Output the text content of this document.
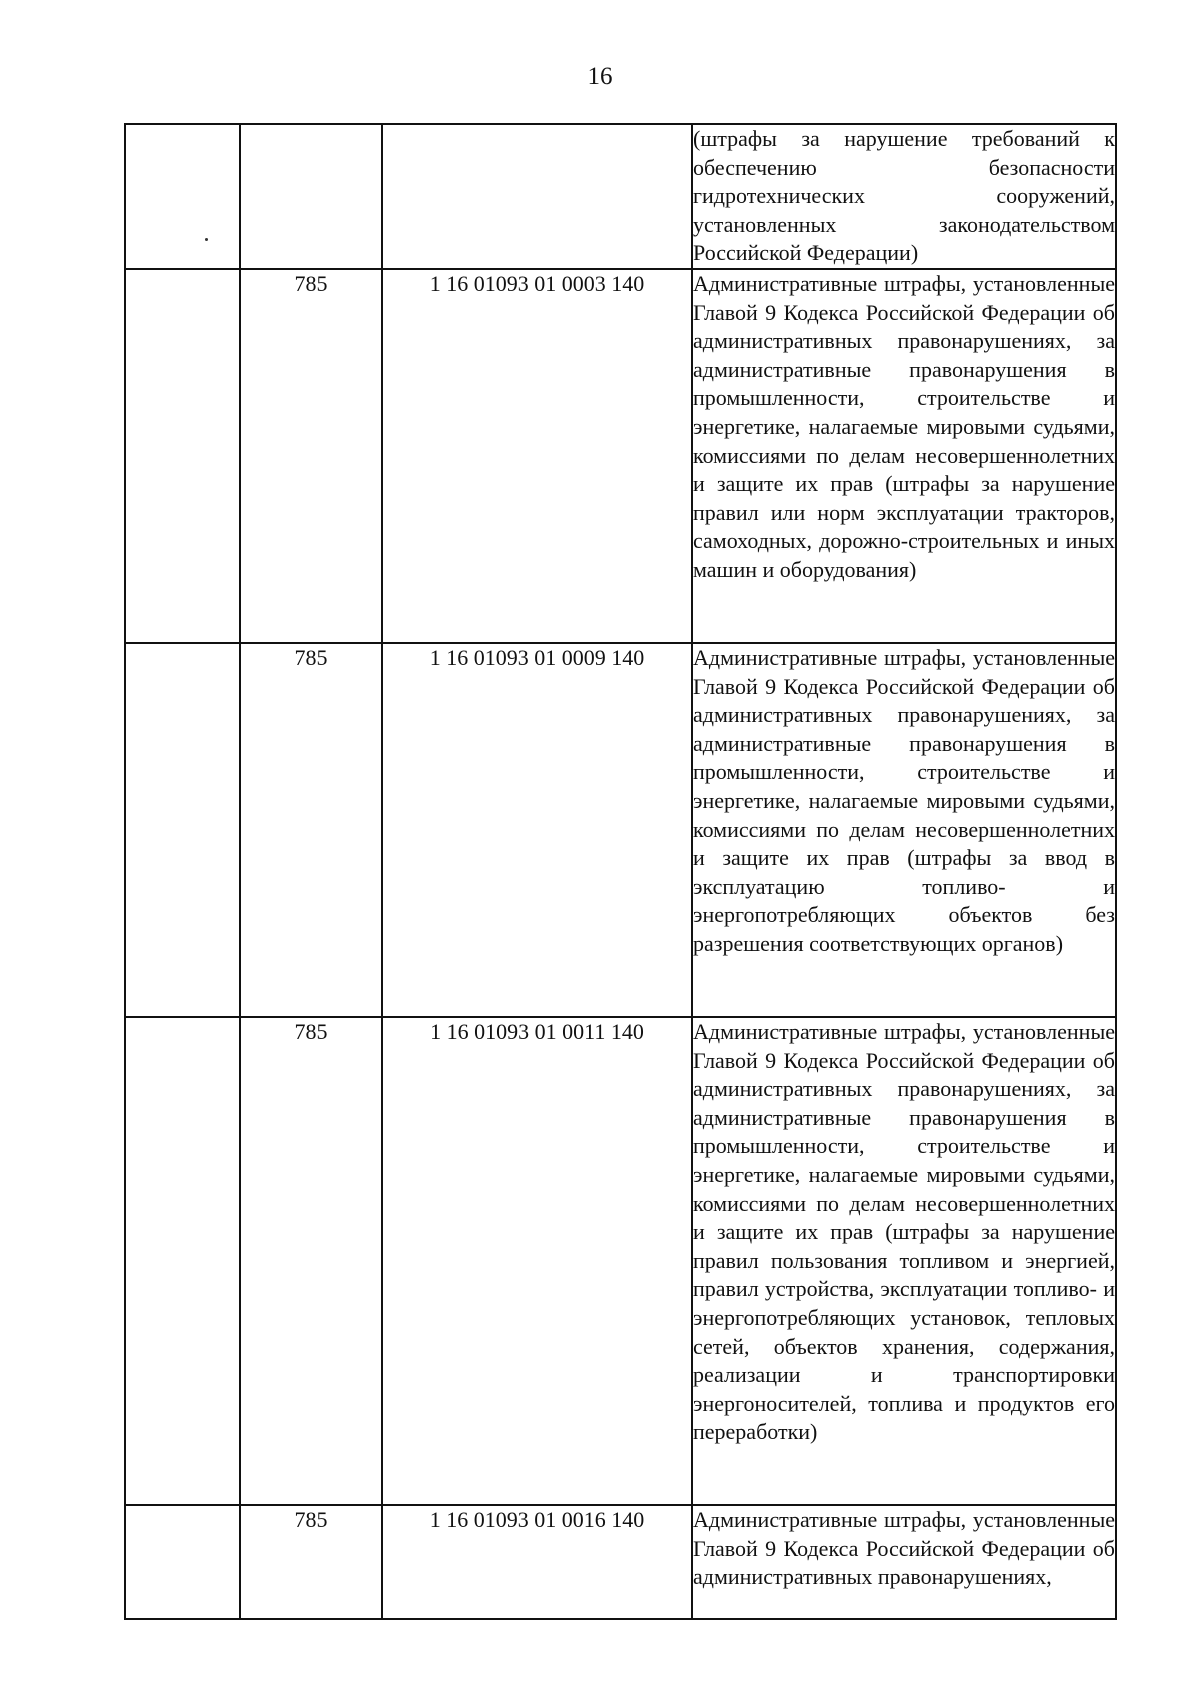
16
			(штрафы за нарушение требований к обеспечению безопасности гидротехнических сооружений, установленных законодательством Российской Федерации)
	785	1 16 01093 01 0003 140	Административные штрафы, установленные Главой 9 Кодекса Российской Федерации об административных правонарушениях, за административные правонарушения в промышленности, строительстве и энергетике, налагаемые мировыми судьями, комиссиями по делам несовершеннолетних и защите их прав (штрафы за нарушение правил или норм эксплуатации тракторов, самоходных, дорожно-строительных и иных машин и оборудования)
	785	1 16 01093 01 0009 140	Административные штрафы, установленные Главой 9 Кодекса Российской Федерации об административных правонарушениях, за административные правонарушения в промышленности, строительстве и энергетике, налагаемые мировыми судьями, комиссиями по делам несовершеннолетних и защите их прав (штрафы за ввод в эксплуатацию топливо- и энергопотребляющих объектов без разрешения соответствующих органов)
	785	1 16 01093 01 0011 140	Административные штрафы, установленные Главой 9 Кодекса Российской Федерации об административных правонарушениях, за административные правонарушения в промышленности, строительстве и энергетике, налагаемые мировыми судьями, комиссиями по делам несовершеннолетних и защите их прав (штрафы за нарушение правил пользования топливом и энергией, правил устройства, эксплуатации топливо- и энергопотребляющих установок, тепловых сетей, объектов хранения, содержания, реализации и транспортировки энергоносителей, топлива и продуктов его переработки)
	785	1 16 01093 01 0016 140	Административные штрафы, установленные Главой 9 Кодекса Российской Федерации об административных правонарушениях,
